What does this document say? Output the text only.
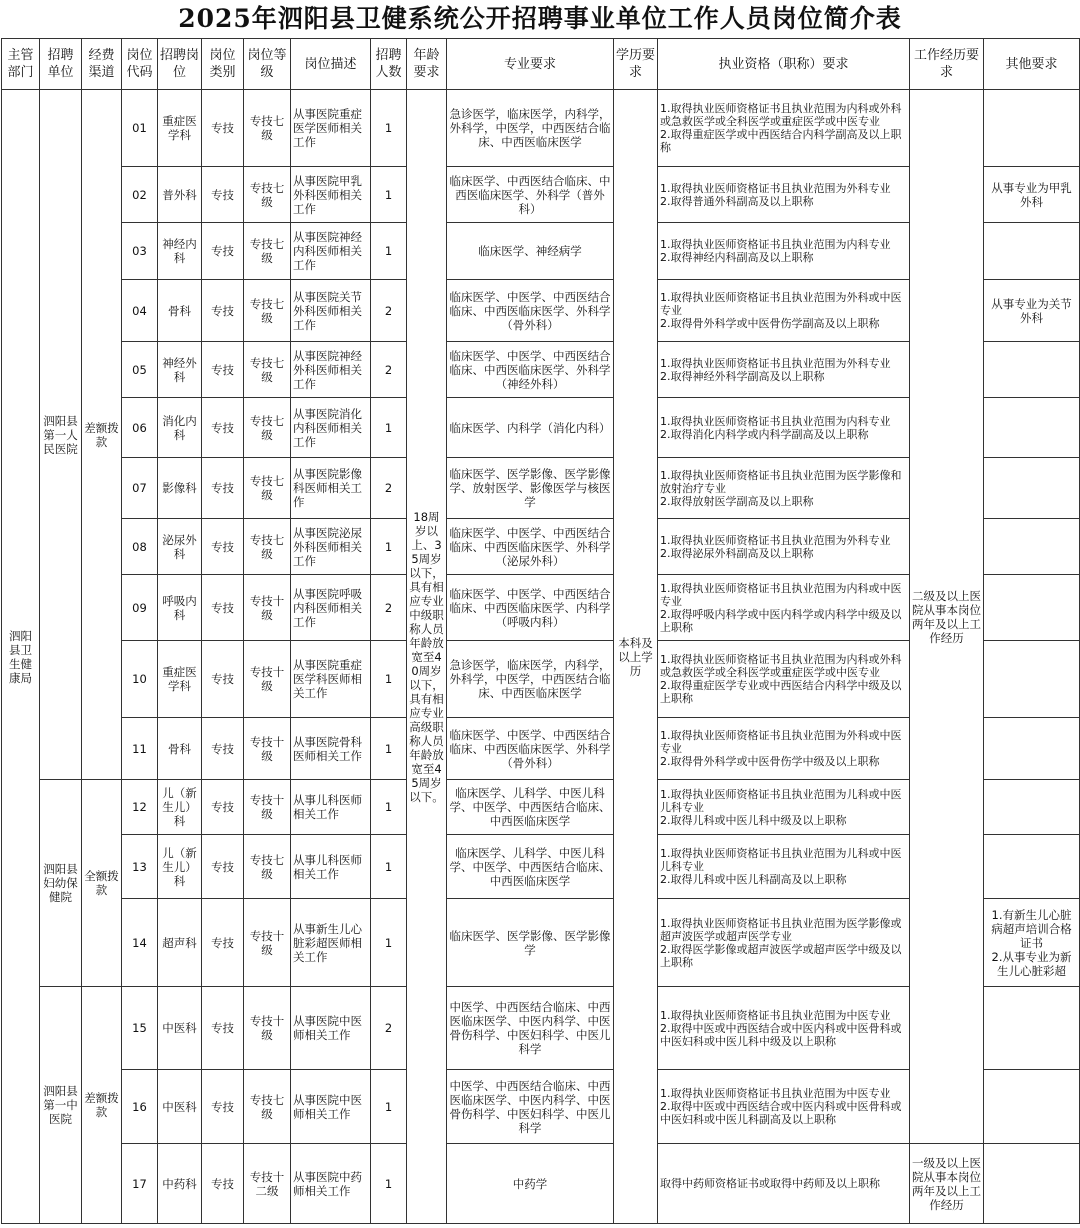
2025年泗阳县卫健系统公开招聘事业单位工作人员岗位简介表
主管部门	招聘单位	经费渠道	岗位代码	招聘岗位	岗位类别	岗位等级	岗位描述	招聘人数	年龄要求	专业要求	学历要求	执业资格（职称）要求	工作经历要求	其他要求
泗阳县卫生健康局	泗阳县第一人民医院	差额拨款	01	重症医学科	专技	专技七级	从事医院重症医学医师相关工作	1	18周岁以上、35周岁以下，具有相应专业中级职称人员年龄放宽至40周岁以下，具有相应专业高级职称人员年龄放宽至45周岁以下。	急诊医学，临床医学，内科学，外科学，中医学，中西医结合临床、中西医临床医学	本科及以上学历	1.取得执业医师资格证书且执业范围为内科或外科或急救医学或全科医学或重症医学或中医专业
2.取得重症医学或中西医结合内科学副高及以上职称	二级及以上医院从事本岗位两年及以上工作经历	
			02	普外科	专技	专技七级	从事医院甲乳外科医师相关工作	1		临床医学、中西医结合临床、中西医临床医学、外科学（普外科）		1.取得执业医师资格证书且执业范围为外科专业
2.取得普通外科副高及以上职称		从事专业为甲乳外科
			03	神经内科	专技	专技七级	从事医院神经内科医师相关工作	1		临床医学、神经病学		1.取得执业医师资格证书且执业范围为内科专业
2.取得神经内科副高及以上职称		
			04	骨科	专技	专技七级	从事医院关节外科医师相关工作	2		临床医学、中医学、中西医结合临床、中西医临床医学、外科学（骨外科）		1.取得执业医师资格证书且执业范围为外科或中医专业
2.取得骨外科学或中医骨伤学副高及以上职称		从事专业为关节外科
			05	神经外科	专技	专技七级	从事医院神经外科医师相关工作	2		临床医学、中医学、中西医结合临床、中西医临床医学、外科学（神经外科）		1.取得执业医师资格证书且执业范围为外科专业
2.取得神经外科学副高及以上职称		
			06	消化内科	专技	专技七级	从事医院消化内科医师相关工作	1		临床医学、内科学（消化内科）		1.取得执业医师资格证书且执业范围为内科专业
2.取得消化内科学或内科学副高及以上职称		
			07	影像科	专技	专技七级	从事医院影像科医师相关工作	2		临床医学、医学影像、医学影像学、放射医学、影像医学与核医学		1.取得执业医师资格证书且执业范围为医学影像和放射治疗专业
2.取得放射医学副高及以上职称		
			08	泌尿外科	专技	专技七级	从事医院泌尿外科医师相关工作	1		临床医学、中医学、中西医结合临床、中西医临床医学、外科学（泌尿外科）		1.取得执业医师资格证书且执业范围为外科专业
2.取得泌尿外科副高及以上职称		
			09	呼吸内科	专技	专技十级	从事医院呼吸内科医师相关工作	2		临床医学、中医学、中西医结合临床、中西医临床医学、内科学（呼吸内科）		1.取得执业医师资格证书且执业范围为内科或中医专业
2.取得呼吸内科学或中医内科学或内科学中级及以上职称		
			10	重症医学科	专技	专技十级	从事医院重症医学科医师相关工作	1		急诊医学，临床医学，内科学，外科学，中医学，中西医结合临床、中西医临床医学		1.取得执业医师资格证书且执业范围为内科或外科或急救医学或全科医学或重症医学或中医专业
2.取得重症医学专业或中西医结合内科学中级及以上职称		
			11	骨科	专技	专技十级	从事医院骨科医师相关工作	1		临床医学、中医学、中西医结合临床、中西医临床医学、外科学（骨外科）		1.取得执业医师资格证书且执业范围为外科或中医专业
2.取得骨外科学或中医骨伤学中级及以上职称		
	泗阳县妇幼保健院	全额拨款	12	儿（新生儿）科	专技	专技十级	从事儿科医师相关工作	1		临床医学、儿科学、中医儿科学、中医学、中西医结合临床、中西医临床医学		1.取得执业医师资格证书且执业范围为儿科或中医儿科专业
2.取得儿科或中医儿科中级及以上职称		
			13	儿（新生儿）科	专技	专技七级	从事儿科医师相关工作	1		临床医学、儿科学、中医儿科学、中医学、中西医结合临床、中西医临床医学		1.取得执业医师资格证书且执业范围为儿科或中医儿科专业
2.取得儿科或中医儿科副高及以上职称		
			14	超声科	专技	专技十级	从事新生儿心脏彩超医师相关工作	1		临床医学、医学影像、医学影像学		1.取得执业医师资格证书且执业范围为医学影像或超声波医学或超声医学专业
2.取得医学影像或超声波医学或超声医学中级及以上职称		1.有新生儿心脏病超声培训合格证书
2.从事专业为新生儿心脏彩超
	泗阳县第一中医院	差额拨款	15	中医科	专技	专技十级	从事医院中医师相关工作	2		中医学、中西医结合临床、中西医临床医学、中医内科学、中医骨伤科学、中医妇科学、中医儿科学		1.取得执业医师资格证书且执业范围为中医专业
2.取得中医或中西医结合或中医内科或中医骨科或中医妇科或中医儿科中级及以上职称		
			16	中医科	专技	专技七级	从事医院中医师相关工作	1		中医学、中西医结合临床、中西医临床医学、中医内科学、中医骨伤科学、中医妇科学、中医儿科学		1.取得执业医师资格证书且执业范围为中医专业
2.取得中医或中西医结合或中医内科或中医骨科或中医妇科或中医儿科副高及以上职称		
			17	中药科	专技	专技十二级	从事医院中药师相关工作	1		中药学		取得中药师资格证书或取得中药师及以上职称	一级及以上医院从事本岗位两年及以上工作经历	
